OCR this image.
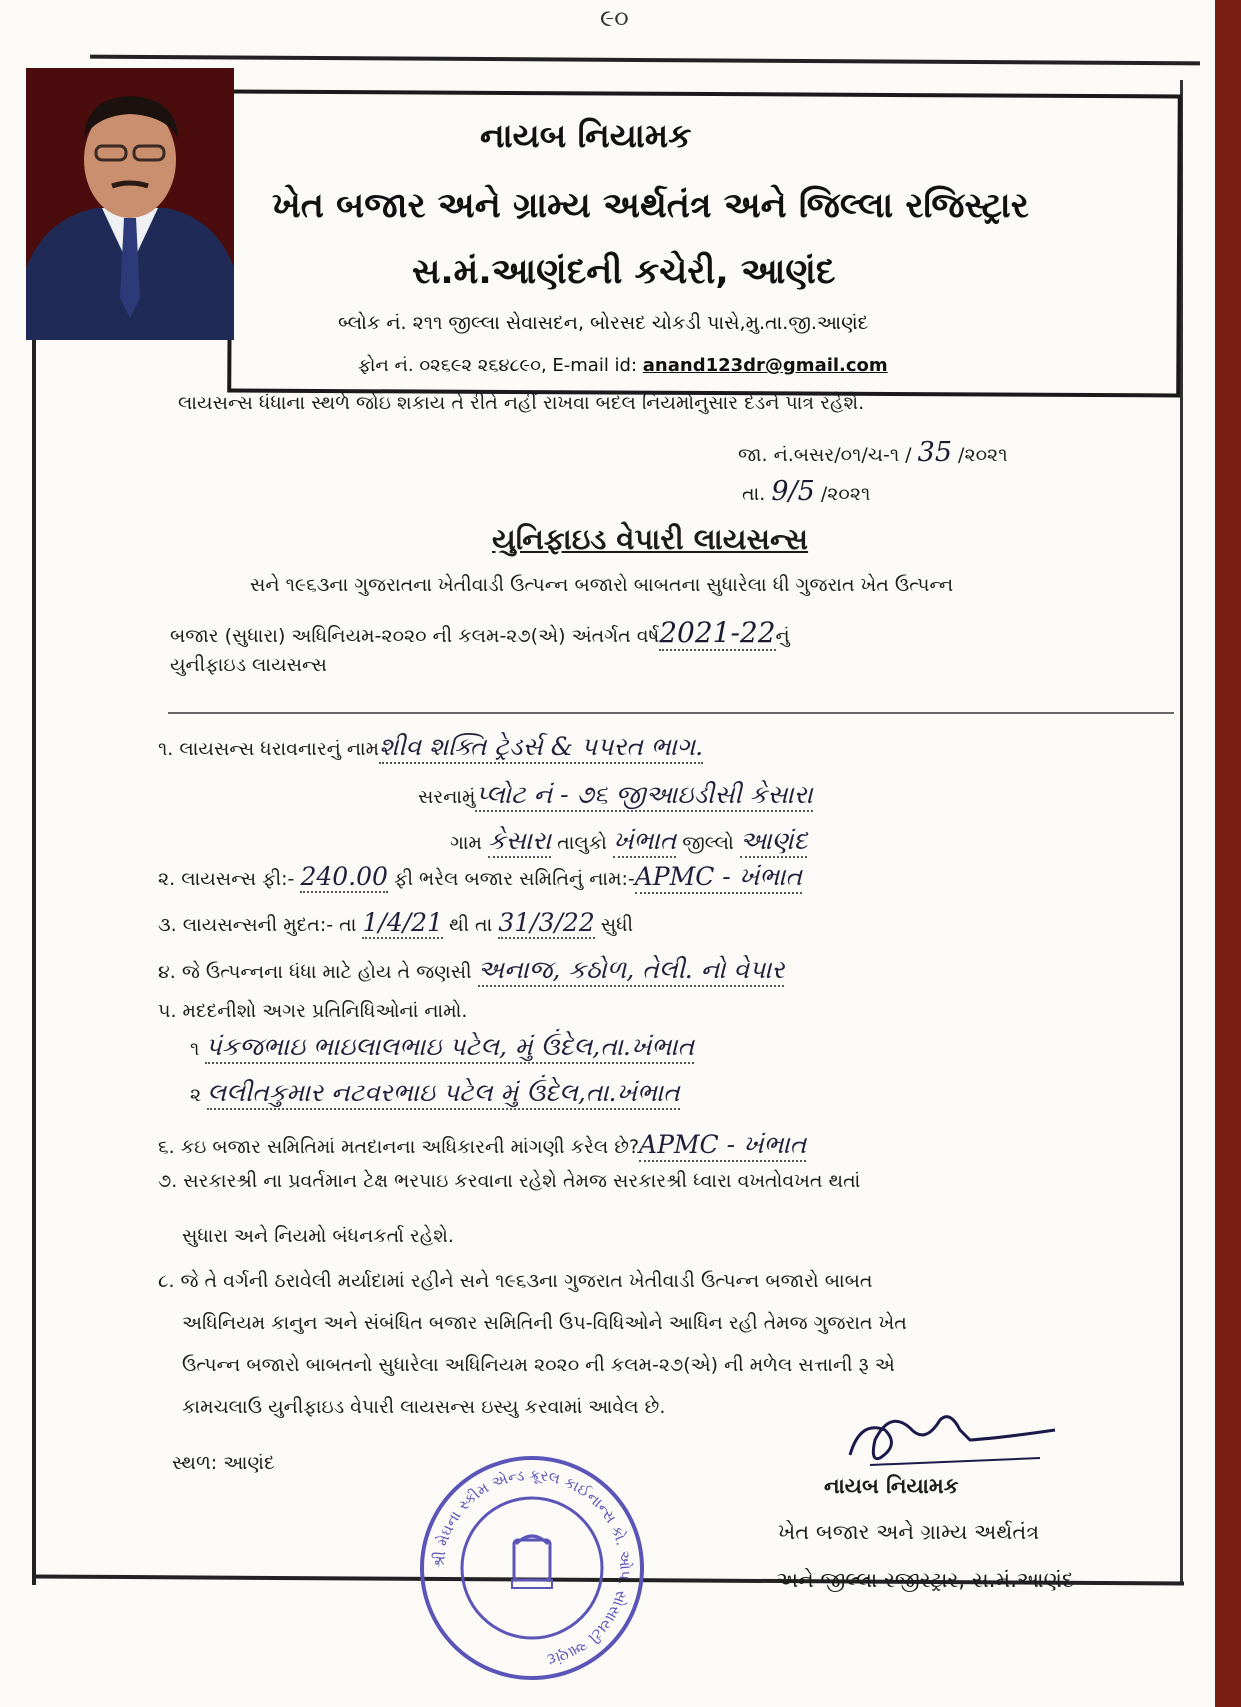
૯૦
નાયબ નિયામક
ખેત બજાર અને ગ્રામ્ય અર્થતંત્ર અને જિલ્લા રજિસ્ટ્રાર
સ.મં.આણંદની કચેરી, આણંદ
બ્લોક નં. ૨૧૧ જીલ્લા સેવાસદન, બોરસદ ચોકડી પાસે,મુ.તા.જી.આણંદ
ફોન નં. ૦૨૬૯૨ ૨૬૪૮૯૦, E-mail id: anand123dr@gmail.com
લાયસન્સ ધંધાના સ્થળે જોઇ શકાય તે રીતે નહીં રાખવા બદલ નિયમોનુસાર દંડને પાત્ર રહેશે.
જા. નં.બસર/૦૧/ચ-૧ / 35 /૨૦૨૧
તા. 9/5 /૨૦૨૧
યુનિફાઇડ વેપારી લાયસન્સ
સને ૧૯૬૩ના ગુજરાતના ખેતીવાડી ઉત્પન્ન બજારો બાબતના સુધારેલા ધી ગુજરાત ખેત ઉત્પન્ન
બજાર (સુધારા) અધિનિયમ-૨૦૨૦ ની કલમ-૨૭(એ) અંતર્ગત વર્ષ2021-22નું
યુનીફાઇડ લાયસન્સ
૧. લાયસન્સ ધરાવનારનું નામશીવ શક્તિ ટ્રેડર્સ & પપરત ભાગ.
સરનામુંપ્લોટ નં - ૭૬ જીઆઇડીસી કેસારા
ગામ કેસારા તાલુકો ખંભાત જીલ્લો આણંદ
૨. લાયસન્સ ફી:- 240.00 ફી ભરેલ બજાર સમિતિનું નામ:-APMC - ખંભાત
૩. લાયસન્સની મુદત:- તા 1/4/21 થી તા 31/3/22 સુધી
૪. જે ઉત્પન્નના ધંધા માટે હોય તે જણસી અનાજ, કઠોળ, તેલી. નો વેપાર
૫. મદદનીશો અગર પ્રતિનિધિઓનાં નામો.
૧ પંકજભાઇ ભાઇલાલભાઇ પટેલ, મું ઉંદેલ,તા.ખંભાત
૨ લલીતકુમાર નટવરભાઇ પટેલ મું ઉંદેલ,તા.ખંભાત
૬. કઇ બજાર સમિતિમાં મતદાનના અધિકારની માંગણી કરેલ છે?APMC - ખંભાત
૭. સરકારશ્રી ના પ્રવર્તમાન ટેક્ષ ભરપાઇ કરવાના રહેશે તેમજ સરકારશ્રી ધ્વારા વખતોવખત થતાં
સુધારા અને નિયમો બંધનકર્તા રહેશે.
૮. જે તે વર્ગની ઠરાવેલી મર્યાદામાં રહીને સને ૧૯૬૩ના ગુજરાત ખેતીવાડી ઉત્પન્ન બજારો બાબત
અધિનિયમ કાનુન અને સંબંધિત બજાર સમિતિની ઉપ-વિધિઓને આધિન રહી તેમજ ગુજરાત ખેત
ઉત્પન્ન બજારો બાબતનો સુધારેલા અધિનિયમ ૨૦૨૦ ની કલમ-૨૭(એ) ની મળેલ સત્તાની રૂ એ
કામચલાઉ યુનીફાઇડ વેપારી લાયસન્સ ઇસ્યુ કરવામાં આવેલ છે.
સ્થળ: આણંદ
નાયબ નિયામક
ખેત બજાર અને ગ્રામ્ય અર્થતંત્ર
અને જીલ્લા રજીસ્ટ્રાર, સ.મં.આણંદ
શ્રી મેઘના સ્કીમ એન્ડ ક્રૂરલ કાઈનાન્સ કો. ઓપ. સોસાયટી આણંદ
